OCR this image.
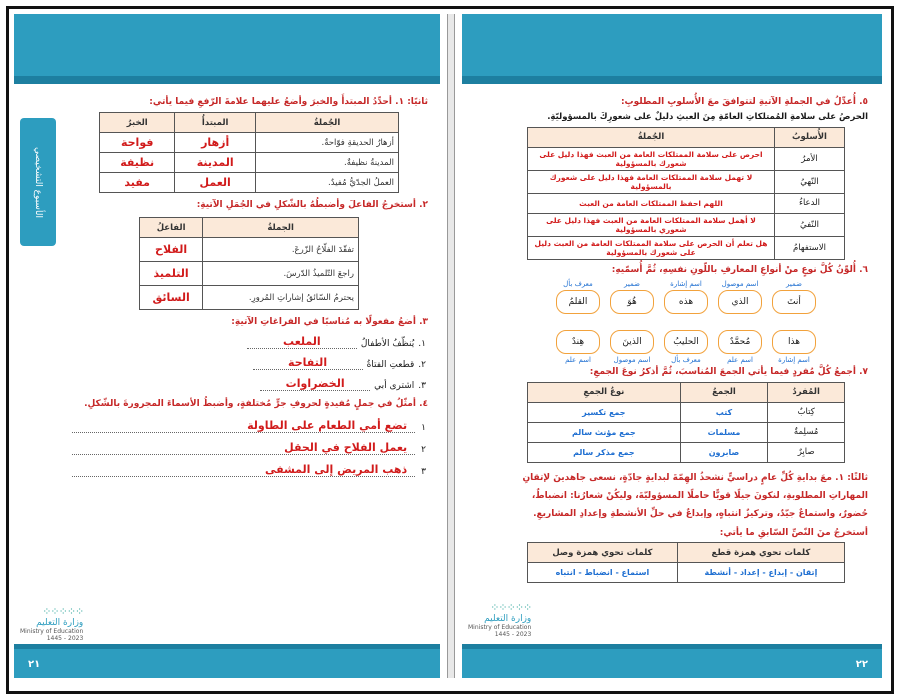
الأسبوع التشخيصي
ثانيًا: ١. أحدِّدُ المبتدأَ والخبرَ وأضعُ عليهما علامةَ الرّفعِ فيما يأتي:
الجُملةُ	المبتدأُ	الخبرُ
أزهارُ الحديقةِ فوّاحةٌ.	أزهار	فواحة
المدينةُ نظيفةٌ.	المدينة	نظيفة
العملُ الجدّيُّ مُفيدٌ.	العمل	مفيد
٢. أستخرجُ الفاعلَ وأضبطُهُ بالشّكلِ في الجُمَلِ الآتيةِ:
الجملةُ	الفاعلُ
تفقّدَ الفلّاحُ الزّرعَ.	الفلاح
راجعَ التّلميذُ الدّرسَ.	التلميذ
يحترمُ السّائقُ إشاراتِ المُرورِ.	السائق
٣. أضعُ مفعولًا به مُناسبًا في الفراغاتِ الآتيةِ:
١.
يُنظّفُ الأطفالُ
الملعب
٢.
قطعتِ الفتاةُ
التفاحة
٣.
اشترى أبي
الخضراوات
٤. أمثّلُ في جملٍ مُفيدةٍ لحروفِ جرٍّ مُختلفةٍ، وأضبطُ الأسماءَ المجرورةَ بالشّكلِ.
١
تضع أمي الطعام على الطاولة
٢
يعمل الفلاح في الحقل
٣
ذهب المريض إلى المشفى
⁘⁘⁘⁘⁘
وزارة التعليم
Ministry of Education
2023 - 1445
٢١
٥. أُعدِّلُ في الجملةِ الآتيةِ لتتوافقَ معَ الأُسلوبِ المطلوبِ:
الحرصُ على سلامةِ المُمتلكاتِ العامّةِ مِنَ العبثِ دليلٌ على شعورِكَ بالمسؤوليّةِ.
الأُسلوبُ	الجُملةُ
الأمرُ	احرص على سلامة الممتلكات العامة من العبث فهذا دليل على شعورك بالمسؤولية
النّهيُ	لا تهمل سلامة الممتلكات العامة فهذا دليل على شعورك بالمسؤولية
الدعاءُ	اللهم احفظ الممتلكات العامة من العبث
النّفيُ	لا أهمل سلامة الممتلكات العامة من العبث فهذا دليل على شعوري بالمسؤولية
الاستفهامُ	هل تعلم أن الحرص على سلامة الممتلكات العامة من العبث دليل على شعورك بالمسؤولية
٦. أُلوِّنُ كُلَّ نوعٍ منْ أنواعِ المعارفِ باللّونِ نفسِهِ، ثُمَّ أُسمّيهِ:
ضمير
أنتَ
اسم موصول
الذي
اسم إشارة
هذه
ضمير
هُوَ
معرف بأل
القلمُ
اسم إشارة
هذا
اسم علم
مُحمَّدٌ
معرف بأل
الحليبُ
اسم موصول
الذينَ
اسم علم
هِندٌ
٧. أجمعُ كُلَّ مُفردٍ فيما يأتي الجمعَ المُناسبَ، ثُمَّ أذكرُ نوعَ الجمعِ:
المُفردُ	الجمعُ	نوعُ الجمعِ
كِتابٌ	كتب	جمع تكسير
مُسلِمةٌ	مسلمات	جمع مؤنث سالم
صابِرٌ	صابرون	جمع مذكر سالم
ثالثًا: ١. معَ بدايةِ كُلِّ عامٍ دراسيٍّ نشحذُ الهِمّةَ لبدايةٍ جادّةٍ، نسعى جاهدينَ لإتقانِ المهاراتِ المطلوبةِ، لنكونَ جيلًا قويًّا حاملًا المسؤوليّةَ، وليكُنْ شعارُنا: انضباطٌ، حُضورٌ، واستماعٌ جيّدٌ، وتركيزٌ انتباهٍ، وإبداعٌ في حلِّ الأنشطةِ وإعدادِ المشاريعِ.
أستخرجُ منَ النّصِّ السّابقِ ما يأتي:
كلمات تحوي همزة قطع	كلمات تحوي همزة وصل
إتقان - إبداع - إعداد - أنشطة	استماع - انضباط - انتباه
⁘⁘⁘⁘⁘
وزارة التعليم
Ministry of Education
2023 - 1445
٢٢
